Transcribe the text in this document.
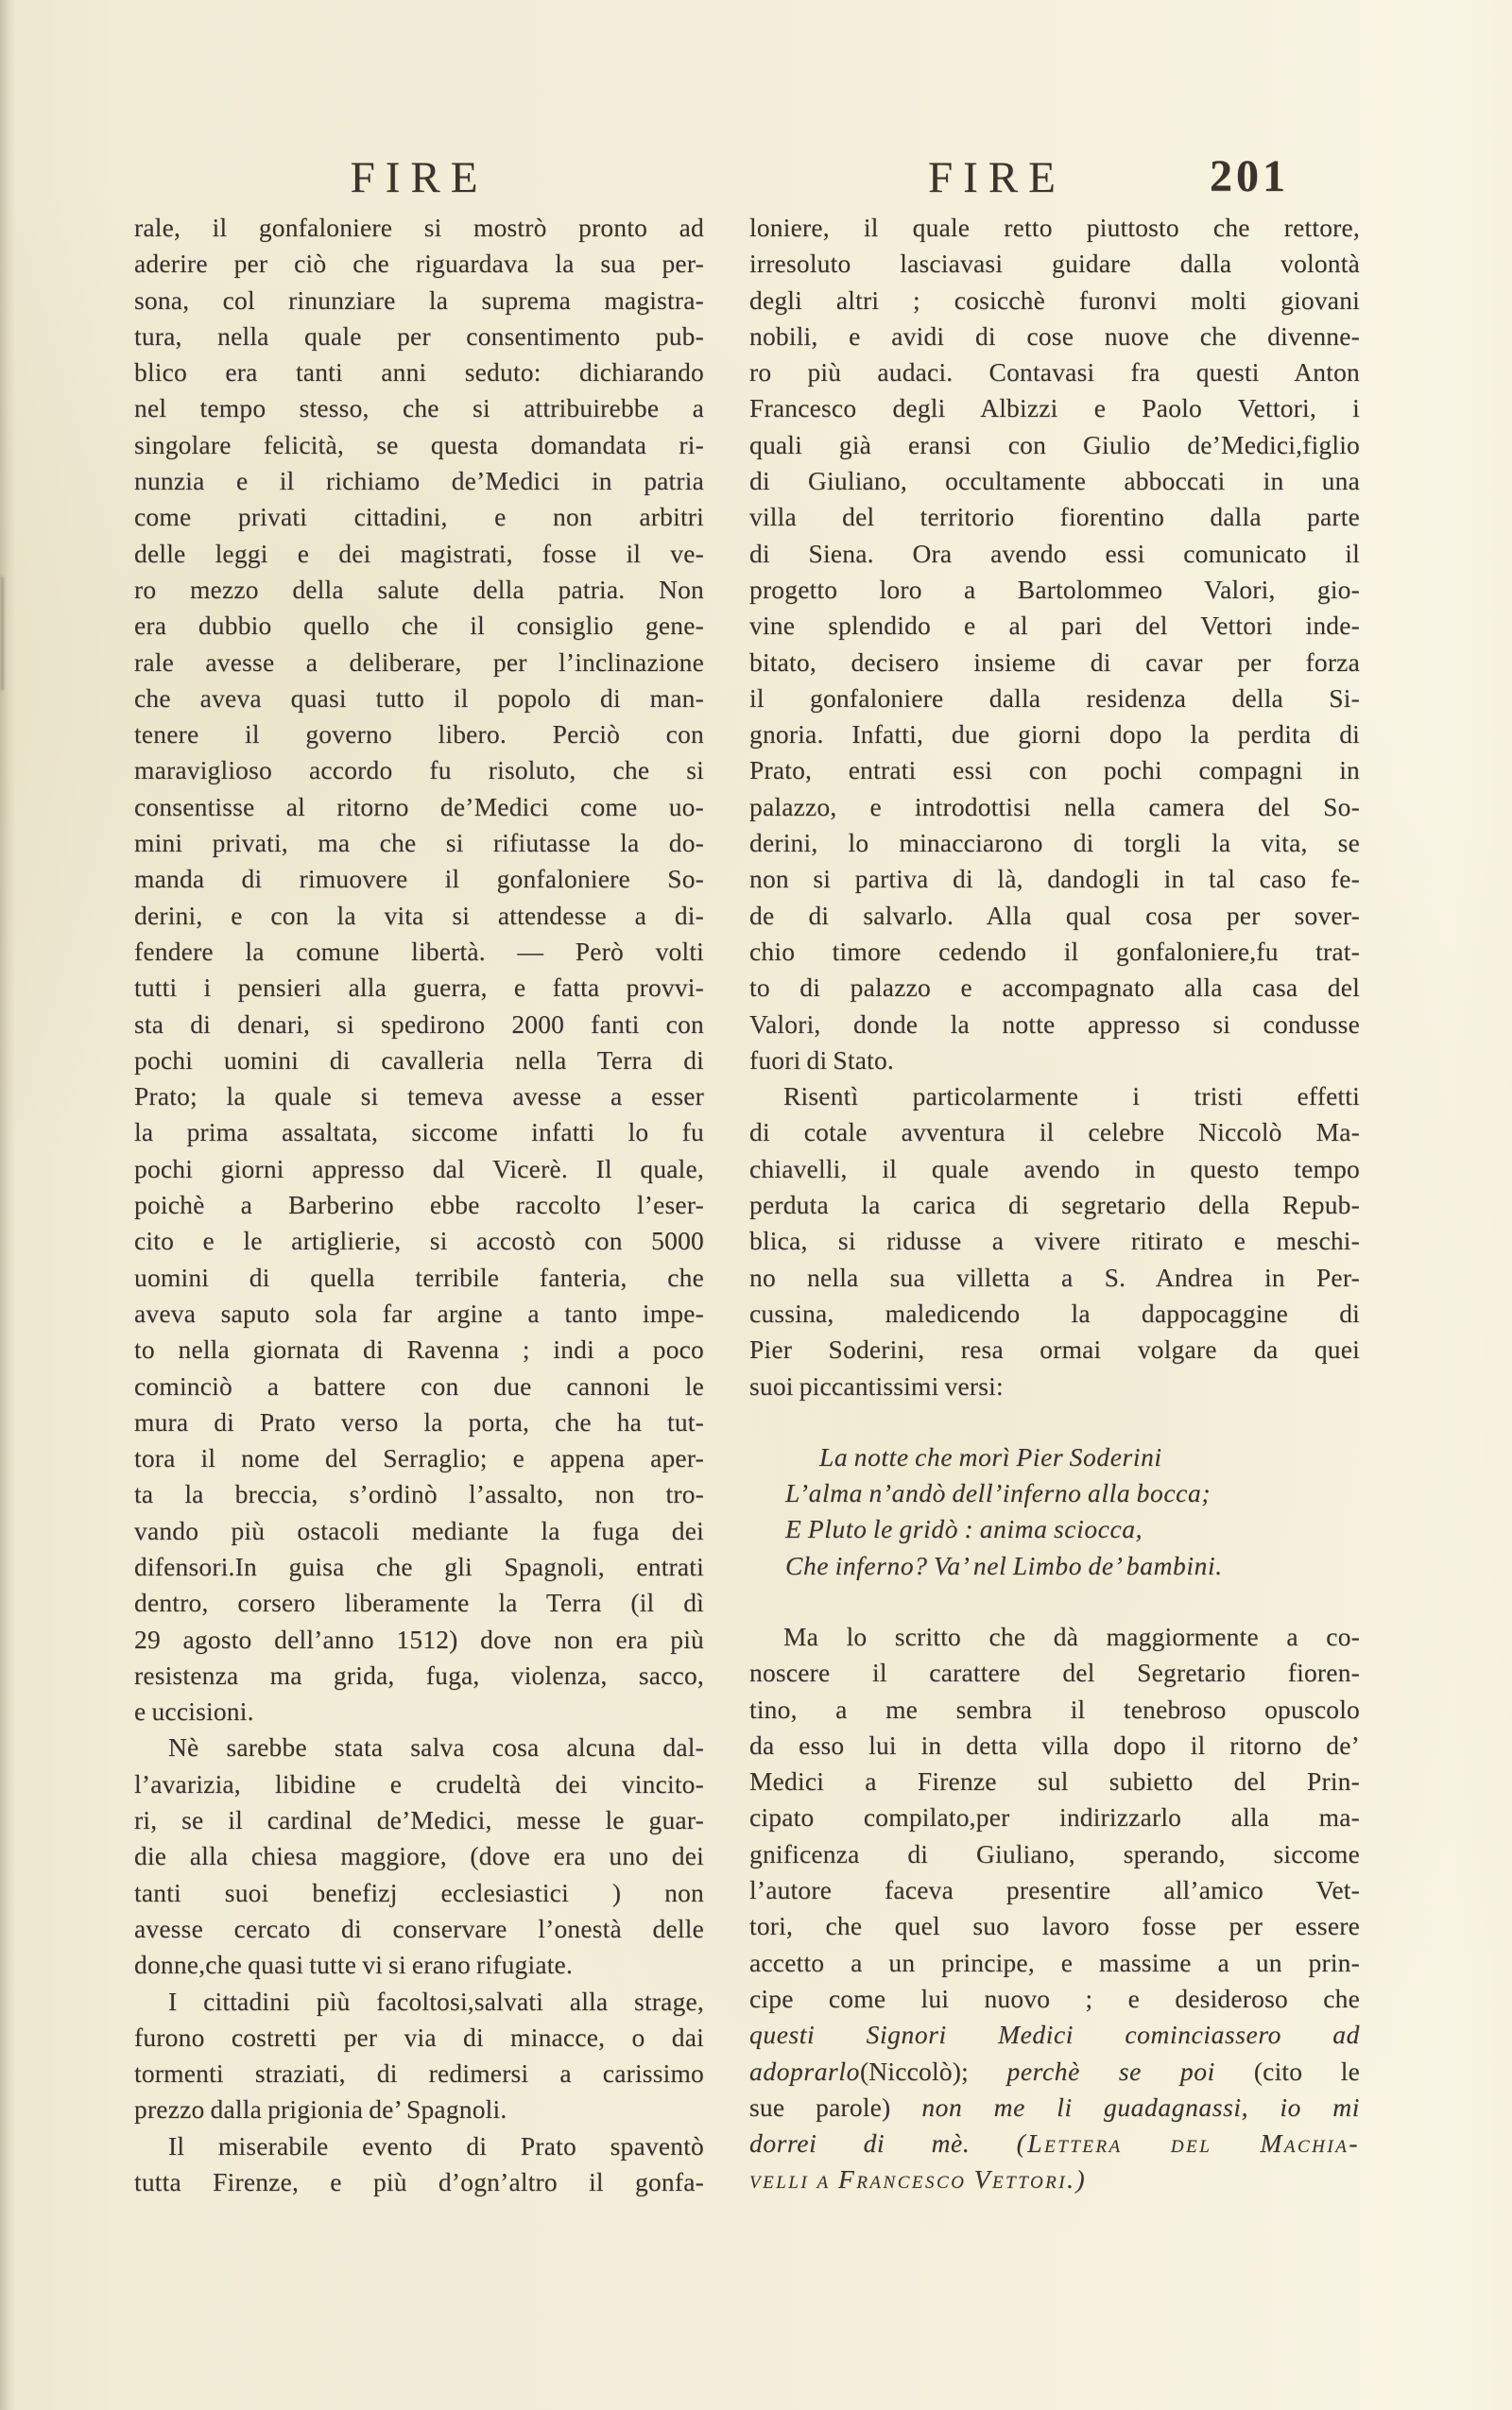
FIRE	FIRE	201
rale, il gonfaloniere si mostrò pronto ad
aderire per ciò che riguardava la sua per-
sona, col rinunziare la suprema magistra-
tura, nella quale per consentimento pub-
blico era tanti anni seduto: dichiarando
nel tempo stesso, che si attribuirebbe a
singolare felicità, se questa domandata ri-
nunzia e il richiamo de’Medici in patria
come privati cittadini, e non arbitri
delle leggi e dei magistrati, fosse il ve-
ro mezzo della salute della patria. Non
era dubbio quello che il consiglio gene-
rale avesse a deliberare, per l’inclinazione
che aveva quasi tutto il popolo di man-
tenere il governo libero. Perciò con
maraviglioso accordo fu risoluto, che si
consentisse al ritorno de’Medici come uo-
mini privati, ma che si rifiutasse la do-
manda di rimuovere il gonfaloniere So-
derini, e con la vita si attendesse a di-
fendere la comune libertà. — Però volti
tutti i pensieri alla guerra, e fatta provvi-
sta di denari, si spedirono 2000 fanti con
pochi uomini di cavalleria nella Terra di
Prato; la quale si temeva avesse a esser
la prima assaltata, siccome infatti lo fu
pochi giorni appresso dal Vicerè. Il quale,
poichè a Barberino ebbe raccolto l’eser-
cito e le artiglierie, si accostò con 5000
uomini di quella terribile fanteria, che
aveva saputo sola far argine a tanto impe-
to nella giornata di Ravenna ; indi a poco
cominciò a battere con due cannoni le
mura di Prato verso la porta, che ha tut-
tora il nome del Serraglio; e appena aper-
ta la breccia, s’ordinò l’assalto, non tro-
vando più ostacoli mediante la fuga dei
difensori.In guisa che gli Spagnoli, entrati
dentro, corsero liberamente la Terra (il dì
29 agosto dell’anno 1512) dove non era più
resistenza ma grida, fuga, violenza, sacco,
e uccisioni.
Nè sarebbe stata salva cosa alcuna dal-
l’avarizia, libidine e crudeltà dei vincito-
ri, se il cardinal de’Medici, messe le guar-
die alla chiesa maggiore, (dove era uno dei
tanti suoi benefizj ecclesiastici ) non
avesse cercato di conservare l’onestà delle
donne,che quasi tutte vi si erano rifugiate.
I cittadini più facoltosi,salvati alla strage,
furono costretti per via di minacce, o dai
tormenti straziati, di redimersi a carissimo
prezzo dalla prigionia de’ Spagnoli.
Il miserabile evento di Prato spaventò
tutta Firenze, e più d’ogn’altro il gonfa-
loniere, il quale retto piuttosto che rettore,
irresoluto lasciavasi guidare dalla volontà
degli altri ; cosicchè furonvi molti giovani
nobili, e avidi di cose nuove che divenne-
ro più audaci. Contavasi fra questi Anton
Francesco degli Albizzi e Paolo Vettori, i
quali già eransi con Giulio de’Medici,figlio
di Giuliano, occultamente abboccati in una
villa del territorio fiorentino dalla parte
di Siena. Ora avendo essi comunicato il
progetto loro a Bartolommeo Valori, gio-
vine splendido e al pari del Vettori inde-
bitato, decisero insieme di cavar per forza
il gonfaloniere dalla residenza della Si-
gnoria. Infatti, due giorni dopo la perdita di
Prato, entrati essi con pochi compagni in
palazzo, e introdottisi nella camera del So-
derini, lo minacciarono di torgli la vita, se
non si partiva di là, dandogli in tal caso fe-
de di salvarlo. Alla qual cosa per sover-
chio timore cedendo il gonfaloniere,fu trat-
to di palazzo e accompagnato alla casa del
Valori, donde la notte appresso si condusse
fuori di Stato.
Risentì particolarmente i tristi effetti
di cotale avventura il celebre Niccolò Ma-
chiavelli, il quale avendo in questo tempo
perduta la carica di segretario della Repub-
blica, si ridusse a vivere ritirato e meschi-
no nella sua villetta a S. Andrea in Per-
cussina, maledicendo la dappocaggine di
Pier Soderini, resa ormai volgare da quei
suoi piccantissimi versi:
La notte che morì Pier Soderini
L’alma n’andò dell’inferno alla bocca;
E Pluto le gridò : anima sciocca,
Che inferno? Va’ nel Limbo de’ bambini.
Ma lo scritto che dà maggiormente a co-
noscere il carattere del Segretario fioren-
tino, a me sembra il tenebroso opuscolo
da esso lui in detta villa dopo il ritorno de’
Medici a Firenze sul subietto del Prin-
cipato compilato,per indirizzarlo alla ma-
gnificenza di Giuliano, sperando, siccome
l’autore faceva presentire all’amico Vet-
tori, che quel suo lavoro fosse per essere
accetto a un principe, e massime a un prin-
cipe come lui nuovo ; e desideroso che
questi Signori Medici cominciassero ad
adoprarlo(Niccolò); perchè se poi (cito le
sue parole) non me li guadagnassi, io mi
dorrei di mè. (Lettera del Machia-
velli a Francesco Vettori.)
